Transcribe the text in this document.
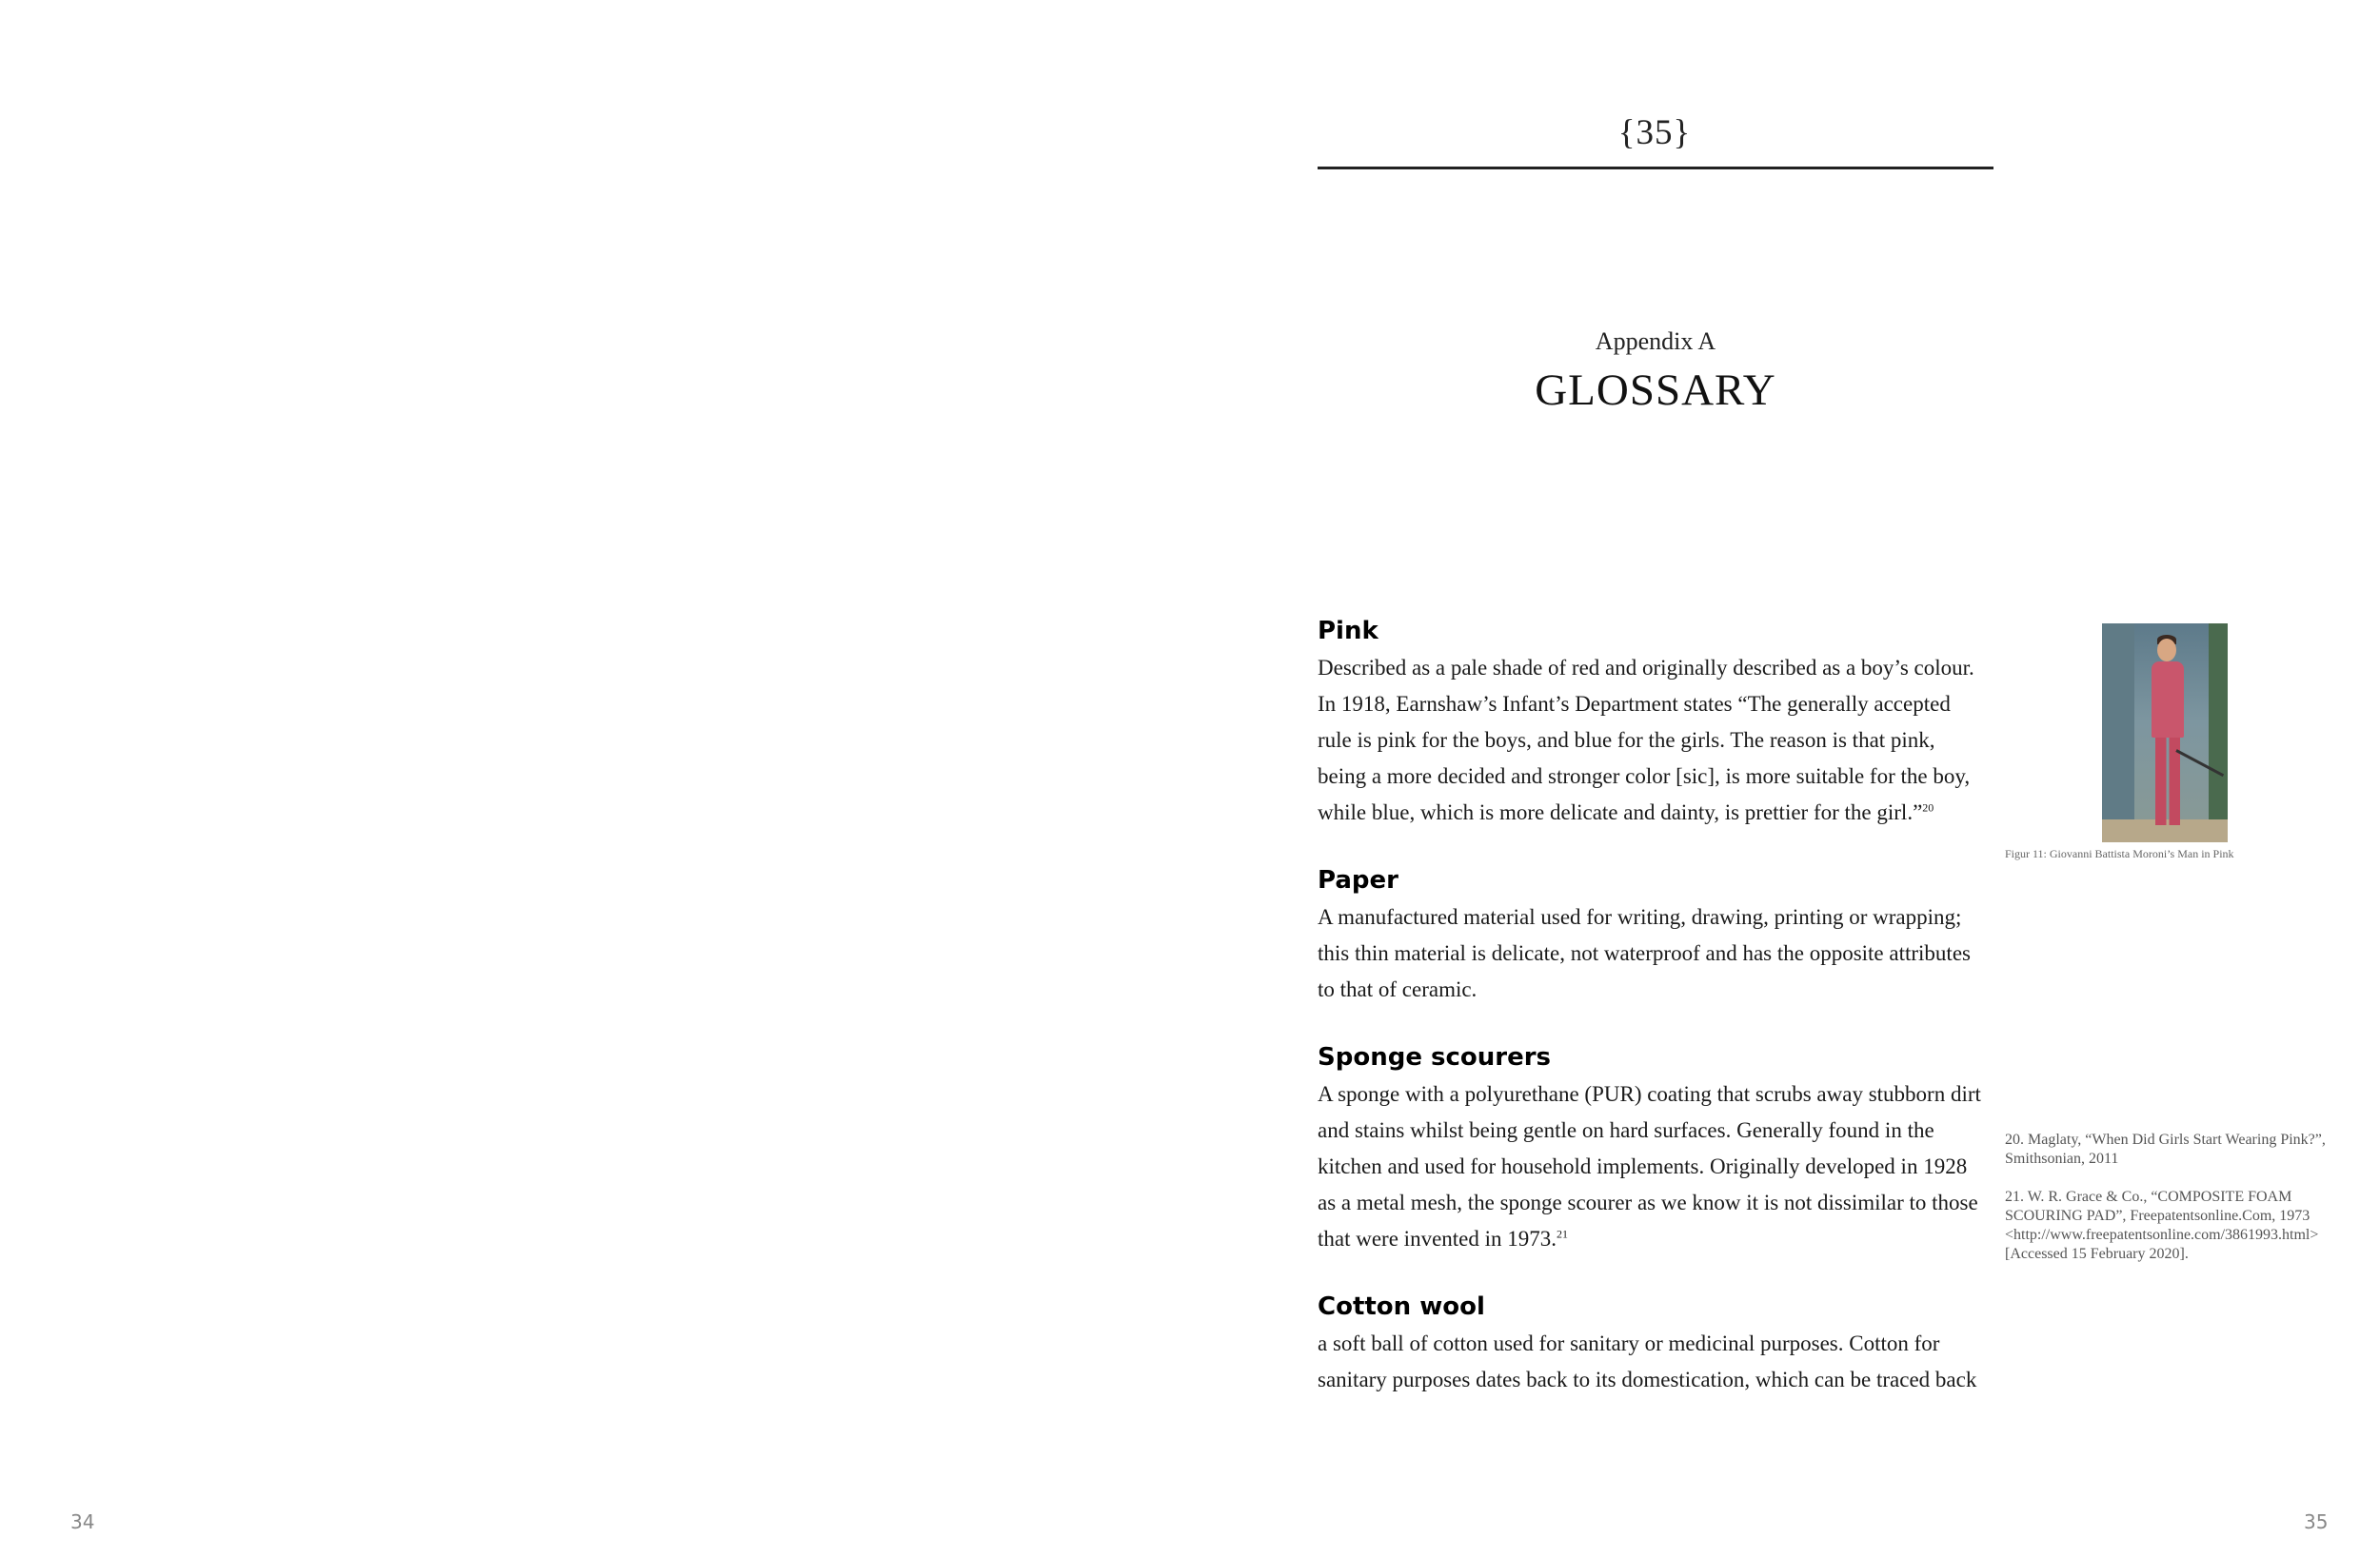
{35}
Appendix A
GLOSSARY

Pink

Described as a pale shade of red and originally described as a boy’s colour. In 1918, Earnshaw’s Infant’s Department states “The generally accepted rule is pink for the boys, and blue for the girls. The reason is that pink, being a more decided and stronger color [sic], is more suitable for the boy, while blue, which is more delicate and dainty, is prettier for the girl.”$^{20}$

Paper

A manufactured material used for writing, drawing, printing or wrapping; this thin material is delicate, not waterproof and has the opposite attributes to that of ceramic.

Sponge scourers

A sponge with a polyurethane (PUR) coating that scrubs away stubborn dirt and stains whilst being gentle on hard surfaces. Generally found in the kitchen and used for household implements. Originally developed in 1928 as a metal mesh, the sponge scourer as we know it is not dissimilar to those that were invented in 1973.21

Cotton wool

a soft ball of cotton used for sanitary or medicinal purposes. Cotton for sanitary purposes dates back to its domestication, which can be traced back

Figur 11: Giovanni Battista Moroni’s Man in Pink

20. Maglaty, “When Did Girls Start Wearing Pink?”, Smithsonian, 2011

21. W. R. Grace & Co., “COMPOSITE FOAM SCOURING PAD”, Freepatentsonline.Com, 1973 <http://www.freepatentsonline.com/3861993.html> [Accessed 15 February 2020].

34	35
